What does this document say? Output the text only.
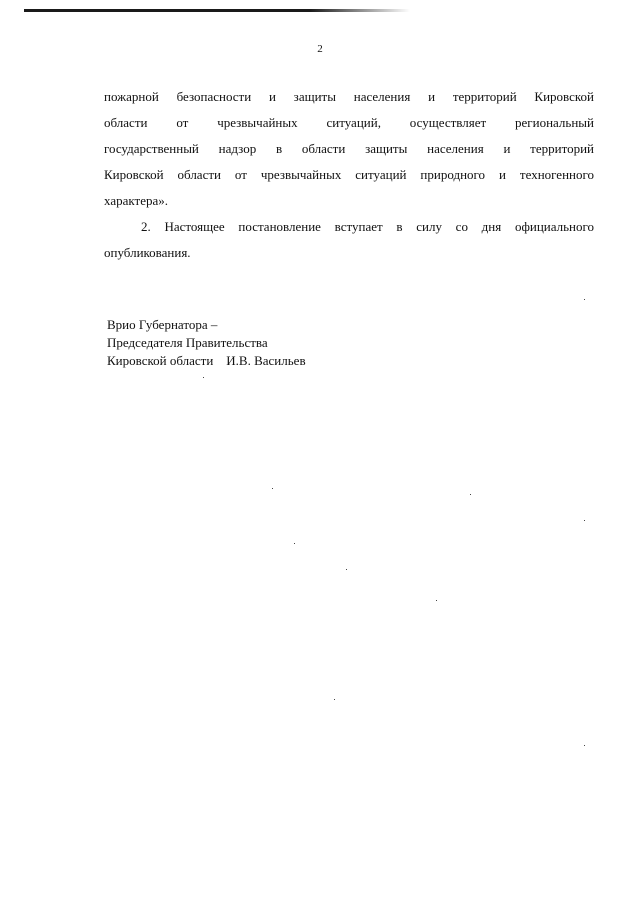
2
пожарной безопасности и защиты населения и территорий Кировской
области от чрезвычайных ситуаций, осуществляет региональный
государственный надзор в области защиты населения и территорий
Кировской области от чрезвычайных ситуаций природного и техногенного
характера».
2. Настоящее постановление вступает в силу со дня официального
опубликования.
Врио Губернатора –
Председателя Правительства
Кировской области    И.В. Васильев
